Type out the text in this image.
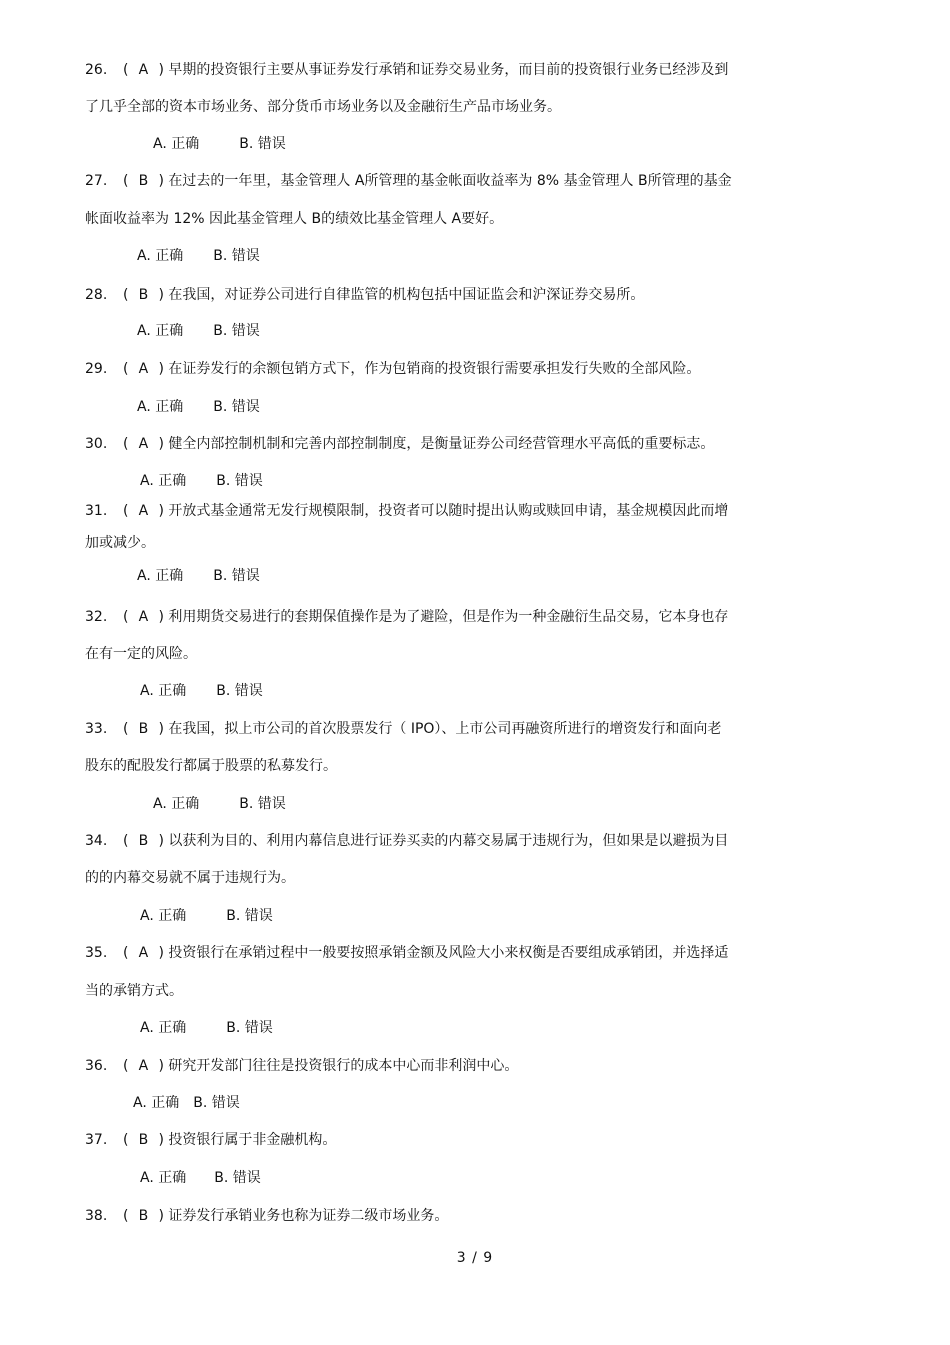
26. ( A ) 早期的投资银行主要从事证券发行承销和证券交易业务，而目前的投资银行业务已经涉及到
了几乎全部的资本市场业务、部分货币市场业务以及金融衍生产品市场业务。
A. 正确	B. 错误
27. ( B ) 在过去的一年里，基金管理人 A所管理的基金帐面收益率为 8% 基金管理人 B所管理的基金
帐面收益率为 12% 因此基金管理人 B的绩效比基金管理人 A要好。
A. 正确 B. 错误
28. ( B ) 在我国，对证券公司进行自律监管的机构包括中国证监会和沪深证券交易所。
A. 正确 B. 错误
29. ( A ) 在证券发行的余额包销方式下，作为包销商的投资银行需要承担发行失败的全部风险。
A. 正确 B. 错误
30. ( A ) 健全内部控制机制和完善内部控制制度，是衡量证券公司经营管理水平高低的重要标志。
A. 正确 B. 错误
31. ( A ) 开放式基金通常无发行规模限制，投资者可以随时提出认购或赎回申请，基金规模因此而增
加或减少。
A. 正确 B. 错误
32. ( A ) 利用期货交易进行的套期保值操作是为了避险，但是作为一种金融衍生品交易，它本身也存
在有一定的风险。
A. 正确 B. 错误
33. ( B ) 在我国，拟上市公司的首次股票发行（ IPO）、上市公司再融资所进行的增资发行和面向老
股东的配股发行都属于股票的私募发行。
A. 正确	B. 错误
34. ( B ) 以获利为目的、利用内幕信息进行证券买卖的内幕交易属于违规行为，但如果是以避损为目
的的内幕交易就不属于违规行为。
A. 正确	B. 错误
35. ( A ) 投资银行在承销过程中一般要按照承销金额及风险大小来权衡是否要组成承销团，并选择适
当的承销方式。
A. 正确	B. 错误
36. ( A ) 研究开发部门往往是投资银行的成本中心而非利润中心。
A. 正确 B. 错误
37. ( B ) 投资银行属于非金融机构。
A. 正确 B. 错误
38. ( B ) 证券发行承销业务也称为证券二级市场业务。
3 / 9
